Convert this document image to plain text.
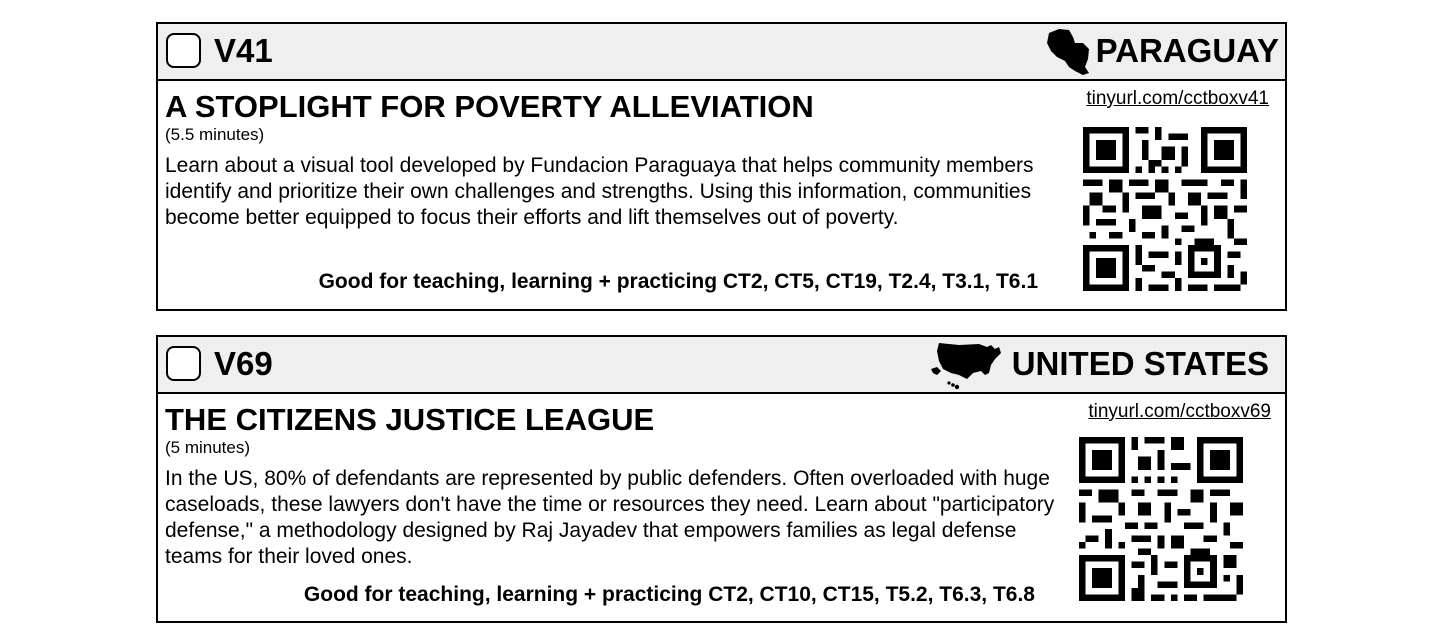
V41	PARAGUAY
A STOPLIGHT FOR POVERTY ALLEVIATION
(5.5 minutes)

Learn about a visual tool developed by Fundacion Paraguaya that helps community members identify and prioritize their own challenges and strengths. Using this information, communities become better equipped to focus their efforts and lift themselves out of poverty.

Good for teaching, learning + practicing CT2, CT5, CT19, T2.4, T3.1, T6.1
tinyurl.com/cctboxv41
V69	UNITED STATES
THE CITIZENS JUSTICE LEAGUE
(5 minutes)

In the US, 80% of defendants are represented by public defenders. Often overloaded with huge caseloads, these lawyers don't have the time or resources they need. Learn about "participatory defense," a methodology designed by Raj Jayadev that empowers families as legal defense teams for their loved ones.

Good for teaching, learning + practicing CT2, CT10, CT15, T5.2, T6.3, T6.8
tinyurl.com/cctboxv69
